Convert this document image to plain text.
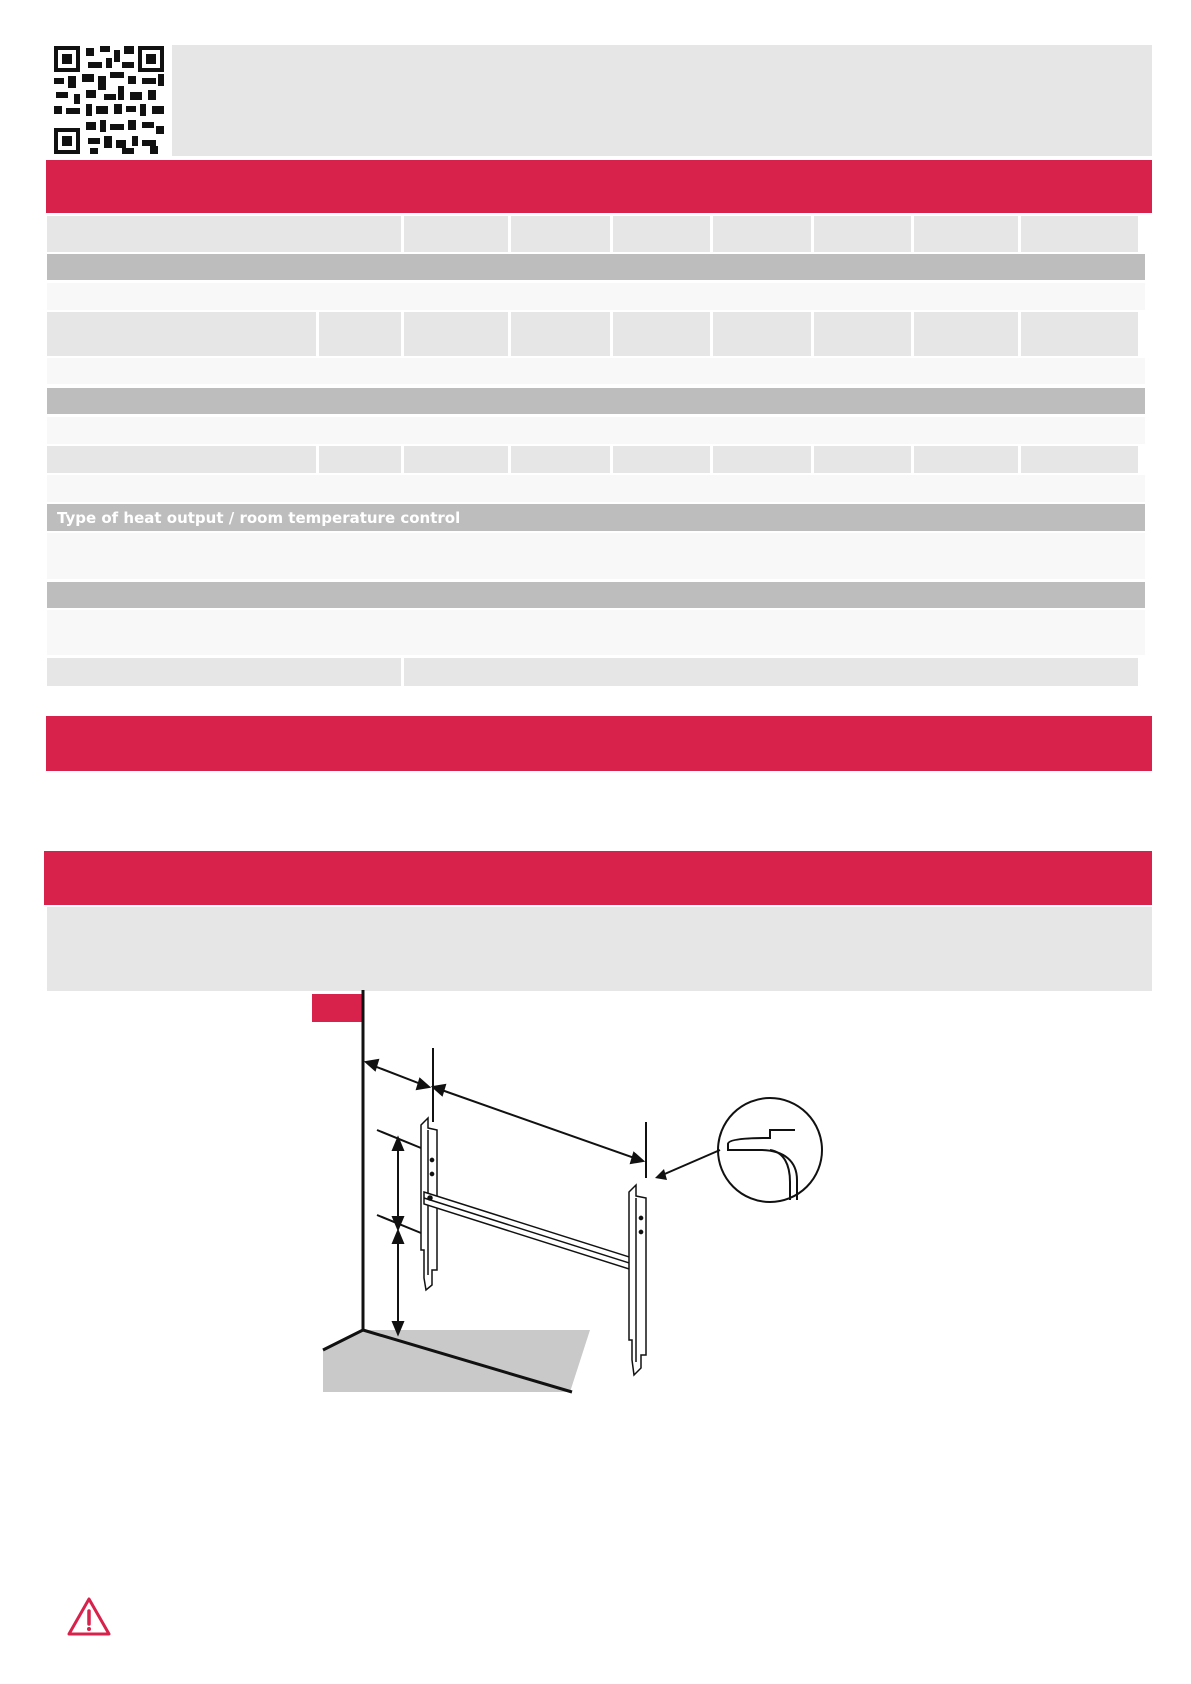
Type of heat output / room temperature control
